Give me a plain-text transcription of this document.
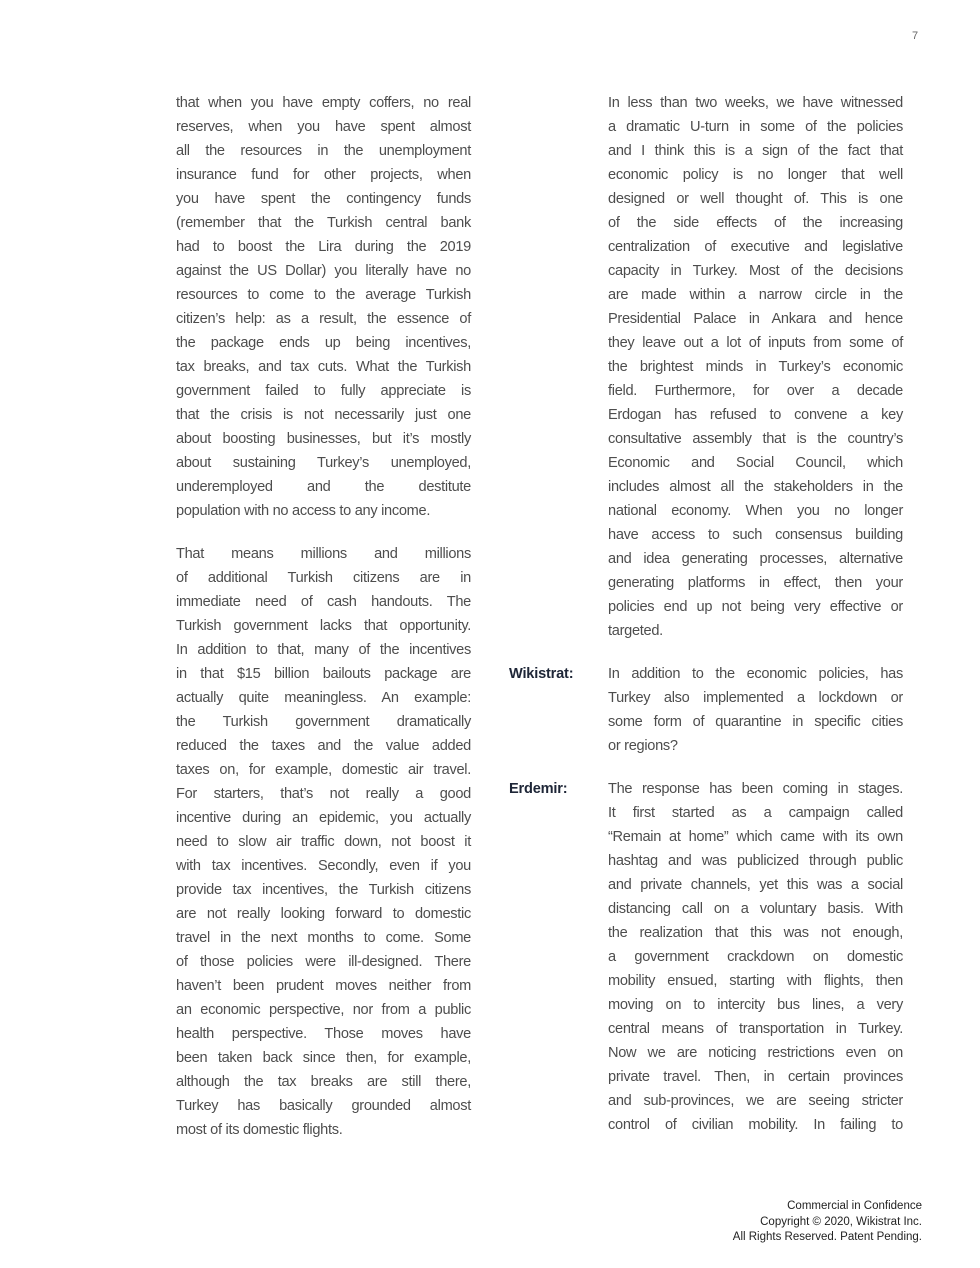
7
that when you have empty coffers, no real
reserves, when you have spent almost
all the resources in the unemployment
insurance fund for other projects, when
you have spent the contingency funds
(remember that the Turkish central bank
had to boost the Lira during the 2019
against the US Dollar) you literally have no
resources to come to the average Turkish
citizen’s help: as a result, the essence of
the package ends up being incentives,
tax breaks, and tax cuts. What the Turkish
government failed to fully appreciate is
that the crisis is not necessarily just one
about boosting businesses, but it’s mostly
about sustaining Turkey’s unemployed,
underemployed and the destitute
population with no access to any income.
That means millions and millions
of additional Turkish citizens are in
immediate need of cash handouts. The
Turkish government lacks that opportunity.
In addition to that, many of the incentives
in that $15 billion bailouts package are
actually quite meaningless. An example:
the Turkish government dramatically
reduced the taxes and the value added
taxes on, for example, domestic air travel.
For starters, that’s not really a good
incentive during an epidemic, you actually
need to slow air traffic down, not boost it
with tax incentives. Secondly, even if you
provide tax incentives, the Turkish citizens
are not really looking forward to domestic
travel in the next months to come. Some
of those policies were ill-designed. There
haven’t been prudent moves neither from
an economic perspective, nor from a public
health perspective. Those moves have
been taken back since then, for example,
although the tax breaks are still there,
Turkey has basically grounded almost
most of its domestic flights.
In less than two weeks, we have witnessed
a dramatic U-turn in some of the policies
and I think this is a sign of the fact that
economic policy is no longer that well
designed or well thought of. This is one
of the side effects of the increasing
centralization of executive and legislative
capacity in Turkey. Most of the decisions
are made within a narrow circle in the
Presidential Palace in Ankara and hence
they leave out a lot of inputs from some of
the brightest minds in Turkey’s economic
field. Furthermore, for over a decade
Erdogan has refused to convene a key
consultative assembly that is the country’s
Economic and Social Council, which
includes almost all the stakeholders in the
national economy. When you no longer
have access to such consensus building
and idea generating processes, alternative
generating platforms in effect, then your
policies end up not being very effective or
targeted.
In addition to the economic policies, has
Turkey also implemented a lockdown or
some form of quarantine in specific cities
or regions?
The response has been coming in stages.
It first started as a campaign called
“Remain at home” which came with its own
hashtag and was publicized through public
and private channels, yet this was a social
distancing call on a voluntary basis. With
the realization that this was not enough,
a government crackdown on domestic
mobility ensued, starting with flights, then
moving on to intercity bus lines, a very
central means of transportation in Turkey.
Now we are noticing restrictions even on
private travel. Then, in certain provinces
and sub-provinces, we are seeing stricter
control of civilian mobility. In failing to
Wikistrat:
Erdemir:
Commercial in Confidence
Copyright © 2020, Wikistrat Inc.
All Rights Reserved. Patent Pending.
